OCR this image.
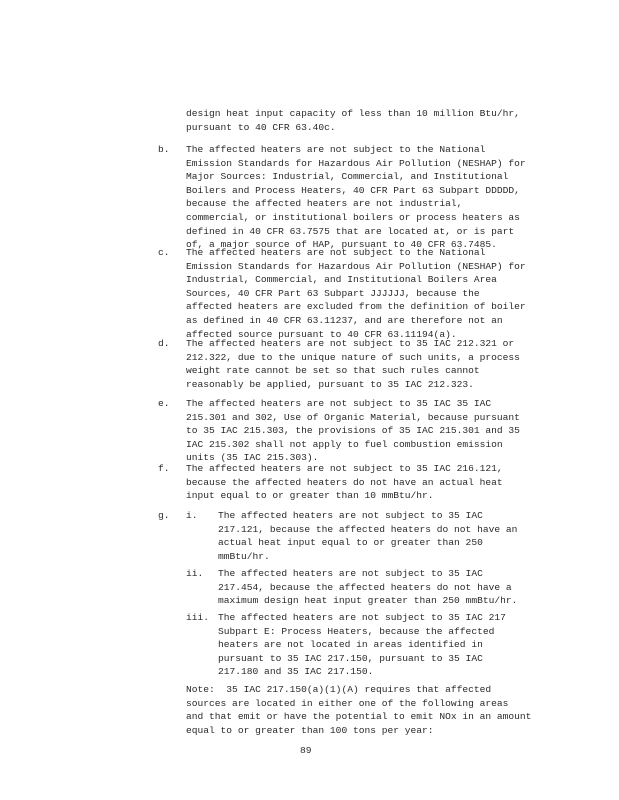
design heat input capacity of less than 10 million Btu/hr,
pursuant to 40 CFR 63.40c.
b. The affected heaters are not subject to the National
Emission Standards for Hazardous Air Pollution (NESHAP) for
Major Sources: Industrial, Commercial, and Institutional
Boilers and Process Heaters, 40 CFR Part 63 Subpart DDDDD,
because the affected heaters are not industrial,
commercial, or institutional boilers or process heaters as
defined in 40 CFR 63.7575 that are located at, or is part
of, a major source of HAP, pursuant to 40 CFR 63.7485.
c. The affected heaters are not subject to the National
Emission Standards for Hazardous Air Pollution (NESHAP) for
Industrial, Commercial, and Institutional Boilers Area
Sources, 40 CFR Part 63 Subpart JJJJJJ, because the
affected heaters are excluded from the definition of boiler
as defined in 40 CFR 63.11237, and are therefore not an
affected source pursuant to 40 CFR 63.11194(a).
d. The affected heaters are not subject to 35 IAC 212.321 or
212.322, due to the unique nature of such units, a process
weight rate cannot be set so that such rules cannot
reasonably be applied, pursuant to 35 IAC 212.323.
e. The affected heaters are not subject to 35 IAC 35 IAC
215.301 and 302, Use of Organic Material, because pursuant
to 35 IAC 215.303, the provisions of 35 IAC 215.301 and 35
IAC 215.302 shall not apply to fuel combustion emission
units (35 IAC 215.303).
f. The affected heaters are not subject to 35 IAC 216.121,
because the affected heaters do not have an actual heat
input equal to or greater than 10 mmBtu/hr.
g. i. The affected heaters are not subject to 35 IAC
217.121, because the affected heaters do not have an
actual heat input equal to or greater than 250
mmBtu/hr.
ii. The affected heaters are not subject to 35 IAC
217.454, because the affected heaters do not have a
maximum design heat input greater than 250 mmBtu/hr.
iii. The affected heaters are not subject to 35 IAC 217
Subpart E: Process Heaters, because the affected
heaters are not located in areas identified in
pursuant to 35 IAC 217.150, pursuant to 35 IAC
217.180 and 35 IAC 217.150.
Note:  35 IAC 217.150(a)(1)(A) requires that affected
sources are located in either one of the following areas
and that emit or have the potential to emit NOx in an amount
equal to or greater than 100 tons per year:
89
